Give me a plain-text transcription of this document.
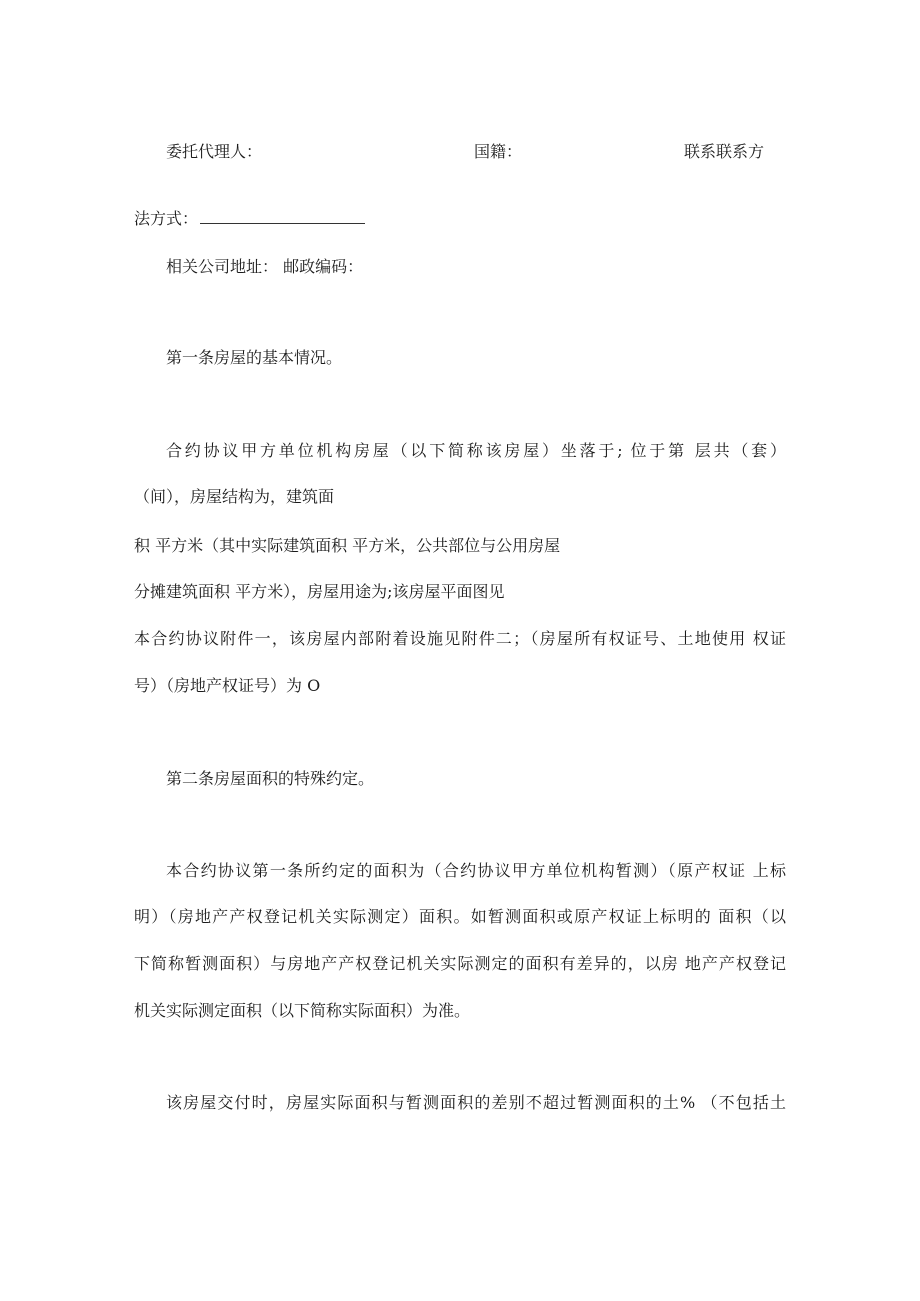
委托代理人：	国籍：	联系联系方

法方式：

相关公司地址： 邮政编码：

第一条房屋的基本情况。

合约协议甲方单位机构房屋（以下简称该房屋）坐落于; 位于第 层共（套）

（间），房屋结构为，建筑面

积 平方米（其中实际建筑面积 平方米，公共部位与公用房屋

分摊建筑面积 平方米），房屋用途为;该房屋平面图见

本合约协议附件一，该房屋内部附着设施见附件二；（房屋所有权证号、土地使用 权证

号）（房地产权证号）为 O

第二条房屋面积的特殊约定。

本合约协议第一条所约定的面积为（合约协议甲方单位机构暂测）（原产权证 上标

明）（房地产产权登记机关实际测定）面积。如暂测面积或原产权证上标明的 面积（以

下简称暂测面积）与房地产产权登记机关实际测定的面积有差异的，以房 地产产权登记

机关实际测定面积（以下简称实际面积）为准。

该房屋交付时，房屋实际面积与暂测面积的差别不超过暂测面积的土% （不包括土
